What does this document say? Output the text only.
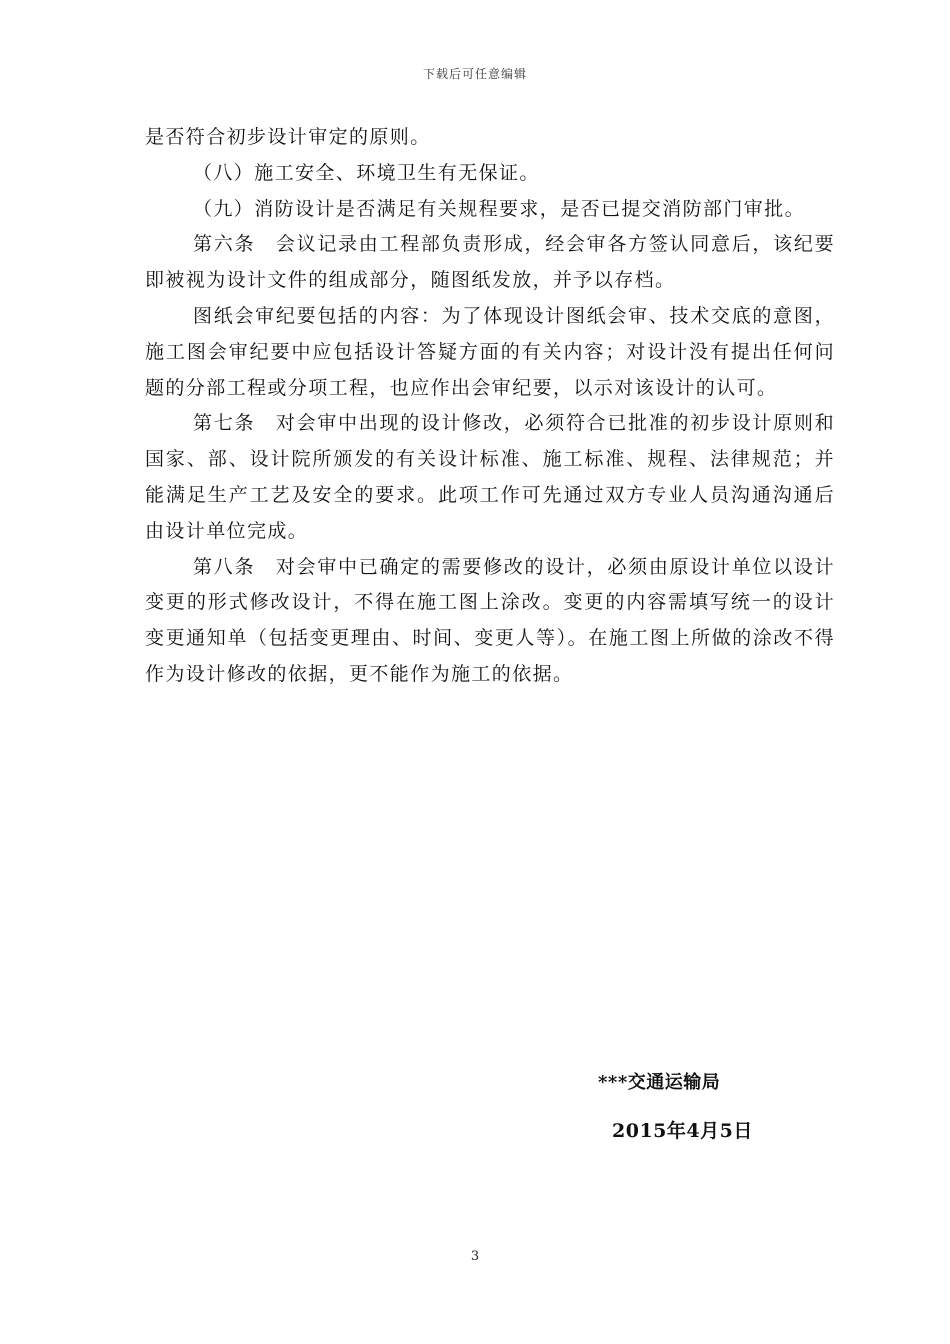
下载后可任意编辑

是否符合初步设计审定的原则。

（八）施工安全、环境卫生有无保证。

（九）消防设计是否满足有关规程要求，是否已提交消防部门审批。

第六条　会议记录由工程部负责形成，经会审各方签认同意后，该纪要即被视为设计文件的组成部分，随图纸发放，并予以存档。

图纸会审纪要包括的内容：为了体现设计图纸会审、技术交底的意图，施工图会审纪要中应包括设计答疑方面的有关内容；对设计没有提出任何问题的分部工程或分项工程，也应作出会审纪要，以示对该设计的认可。

第七条　对会审中出现的设计修改，必须符合已批准的初步设计原则和国家、部、设计院所颁发的有关设计标准、施工标准、规程、法律规范；并能满足生产工艺及安全的要求。此项工作可先通过双方专业人员沟通沟通后由设计单位完成。

第八条　对会审中已确定的需要修改的设计，必须由原设计单位以设计变更的形式修改设计，不得在施工图上涂改。变更的内容需填写统一的设计变更通知单（包括变更理由、时间、变更人等）。在施工图上所做的涂改不得作为设计修改的依据，更不能作为施工的依据。

***交通运输局
2015年4月5日
3
